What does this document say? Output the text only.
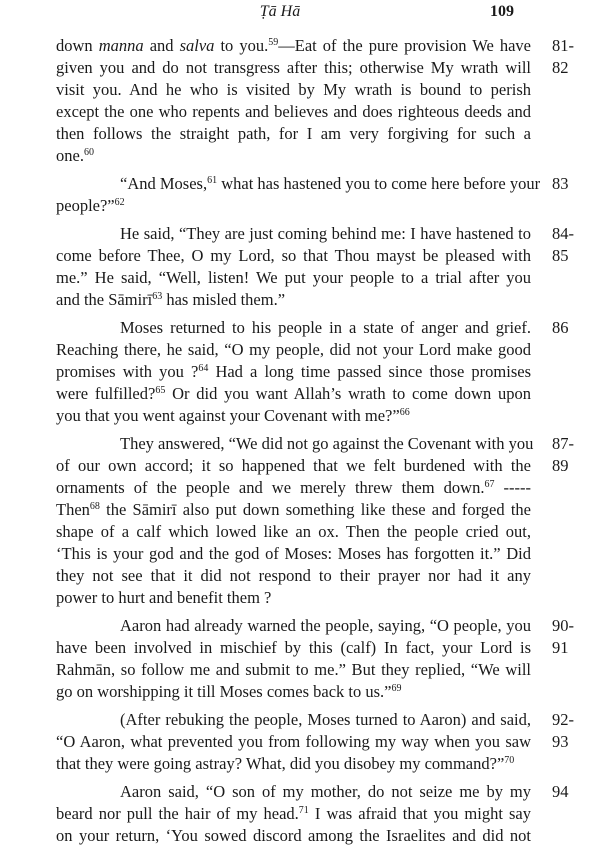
Ṭā Hā	109
81-82
down manna and salva to you.$^{59}$—Eat of the pure provision We have
given you and do not transgress after this; otherwise My wrath will
visit you. And he who is visited by My wrath is bound to perish
except the one who repents and believes and does righteous deeds and
then follows the straight path, for I am very forgiving for such a
one.$^{60}$
83
“And Moses,$^{61}$ what has hastened you to come here before your
people?”$^{62}$
84-85
He said, “They are just coming behind me: I have hastened to
come before Thee, O my Lord, so that Thou mayst be pleased with
me.” He said, “Well, listen! We put your people to a trial after you
and the Sāmirī$^{63}$ has misled them.”
86
Moses returned to his people in a state of anger and grief.
Reaching there, he said, “O my people, did not your Lord make good
promises with you ?$^{64}$ Had a long time passed since those promises
were fulfilled?$^{65}$ Or did you want Allah’s wrath to come down upon
you that you went against your Covenant with me?”$^{66}$
87-89
They answered, “We did not go against the Covenant with you
of our own accord; it so happened that we felt burdened with the
ornaments of the people and we merely threw them down.$^{67}$ -----
Then$^{68}$ the Sāmirī also put down something like these and forged the
shape of a calf which lowed like an ox. Then the people cried out,
‘This is your god and the god of Moses: Moses has forgotten it.” Did
they not see that it did not respond to their prayer nor had it any
power to hurt and benefit them ?
90-91
Aaron had already warned the people, saying, “O people, you
have been involved in mischief by this (calf) In fact, your Lord is
Rahmān, so follow me and submit to me.” But they replied, “We will
go on worshipping it till Moses comes back to us.”$^{69}$
92-93
(After rebuking the people, Moses turned to Aaron) and said,
“O Aaron, what prevented you from following my way when you saw
that they were going astray? What, did you disobey my command?”$^{70}$
94
Aaron said, “O son of my mother, do not seize me by my
beard nor pull the hair of my head.$^{71}$ I was afraid that you might say
on your return, ‘You sowed discord among the Israelites and did not
